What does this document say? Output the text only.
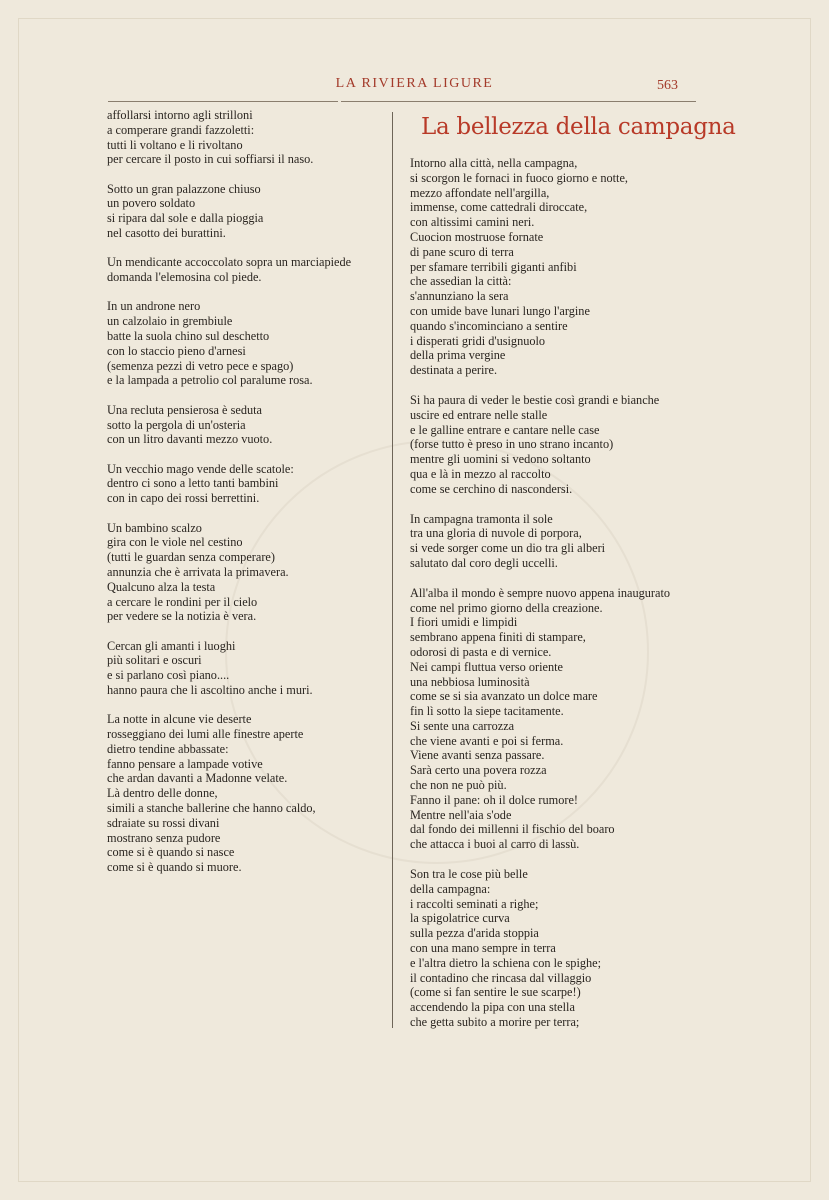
LA RIVIERA LIGURE	563
La bellezza della campagna
affollarsi intorno agli strilloni
a comperare grandi fazzoletti:
tutti li voltano e li rivoltano
per cercare il posto in cui soffiarsi il naso.
Sotto un gran palazzone chiuso
un povero soldato
si ripara dal sole e dalla pioggia
nel casotto dei burattini.
Un mendicante accoccolato sopra un marciapiede
domanda l'elemosina col piede.
In un androne nero
un calzolaio in grembiule
batte la suola chino sul deschetto
con lo staccio pieno d'arnesi
(semenza pezzi di vetro pece e spago)
e la lampada a petrolio col paralume rosa.
Una recluta pensierosa è seduta
sotto la pergola di un'osteria
con un litro davanti mezzo vuoto.
Un vecchio mago vende delle scatole:
dentro ci sono a letto tanti bambini
con in capo dei rossi berrettini.
Un bambino scalzo
gira con le viole nel cestino
(tutti le guardan senza comperare)
annunzia che è arrivata la primavera.
Qualcuno alza la testa
a cercare le rondini per il cielo
per vedere se la notizia è vera.
Cercan gli amanti i luoghi
più solitari e oscuri
e si parlano così piano....
hanno paura che li ascoltino anche i muri.
La notte in alcune vie deserte
rosseggiano dei lumi alle finestre aperte
dietro tendine abbassate:
fanno pensare a lampade votive
che ardan davanti a Madonne velate.
Là dentro delle donne,
simili a stanche ballerine che hanno caldo,
sdraiate su rossi divani
mostrano senza pudore
come si è quando si nasce
come si è quando si muore.
Intorno alla città, nella campagna,
si scorgon le fornaci in fuoco giorno e notte,
mezzo affondate nell'argilla,
immense, come cattedrali diroccate,
con altissimi camini neri.
Cuocion mostruose fornate
di pane scuro di terra
per sfamare terribili giganti anfibi
che assedian la città:
s'annunziano la sera
con umide bave lunari lungo l'argine
quando s'incominciano a sentire
i disperati gridi d'usignuolo
della prima vergine
destinata a perire.
Si ha paura di veder le bestie così grandi e bianche
uscire ed entrare nelle stalle
e le galline entrare e cantare nelle case
(forse tutto è preso in uno strano incanto)
mentre gli uomini si vedono soltanto
qua e là in mezzo al raccolto
come se cerchino di nascondersi.
In campagna tramonta il sole
tra una gloria di nuvole di porpora,
si vede sorger come un dio tra gli alberi
salutato dal coro degli uccelli.
All'alba il mondo è sempre nuovo appena inaugurato
come nel primo giorno della creazione.
I fiori umidi e limpidi
sembrano appena finiti di stampare,
odorosi di pasta e di vernice.
Nei campi fluttua verso oriente
una nebbiosa luminosità
come se si sia avanzato un dolce mare
fin lì sotto la siepe tacitamente.
Si sente una carrozza
che viene avanti e poi si ferma.
Viene avanti senza passare.
Sarà certo una povera rozza
che non ne può più.
Fanno il pane: oh il dolce rumore!
Mentre nell'aia s'ode
dal fondo dei millenni il fischio del boaro
che attacca i buoi al carro di lassù.
Son tra le cose più belle
della campagna:
i raccolti seminati a righe;
la spigolatrice curva
sulla pezza d'arida stoppia
con una mano sempre in terra
e l'altra dietro la schiena con le spighe;
il contadino che rincasa dal villaggio
(come si fan sentire le sue scarpe!)
accendendo la pipa con una stella
che getta subito a morire per terra;
